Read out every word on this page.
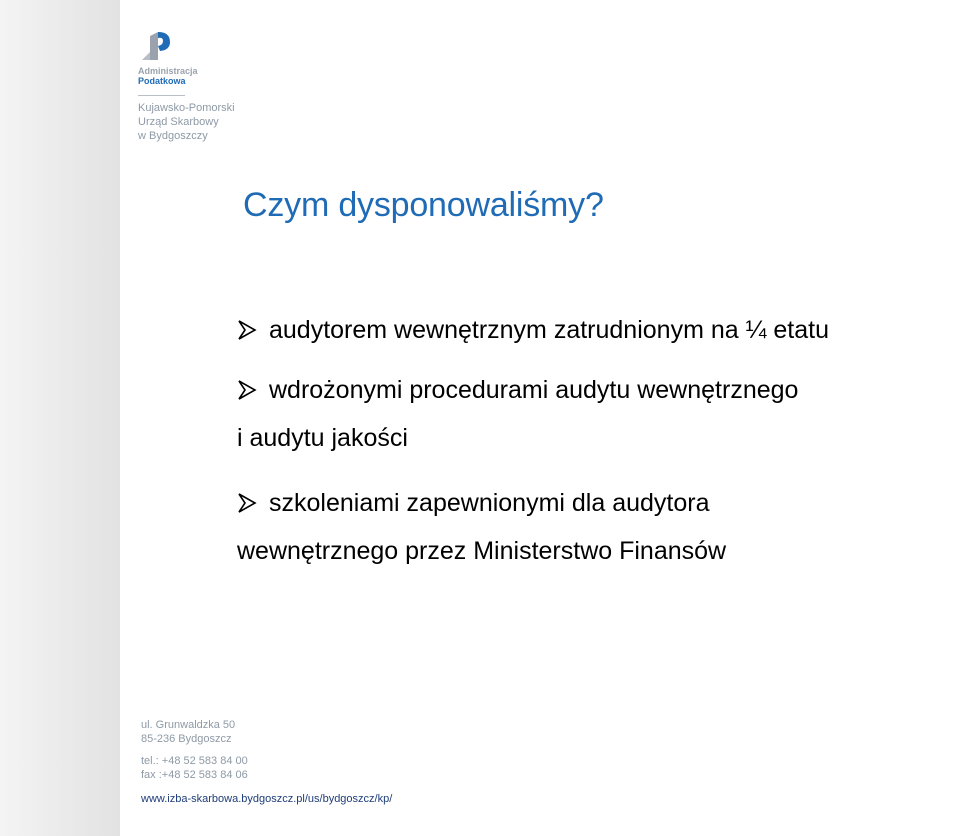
Administracja
Podatkowa
Kujawsko-Pomorski
Urząd Skarbowy
w Bydgoszczy
Czym dysponowaliśmy?
audytorem wewnętrznym zatrudnionym na ¼ etatu
wdrożonymi procedurami audytu wewnętrznego
i audytu jakości
szkoleniami zapewnionymi dla audytora
wewnętrznego przez Ministerstwo Finansów
ul. Grunwaldzka 50
85-236 Bydgoszcz
tel.: +48 52 583 84 00
fax :+48 52 583 84 06
www.izba-skarbowa.bydgoszcz.pl/us/bydgoszcz/kp/
